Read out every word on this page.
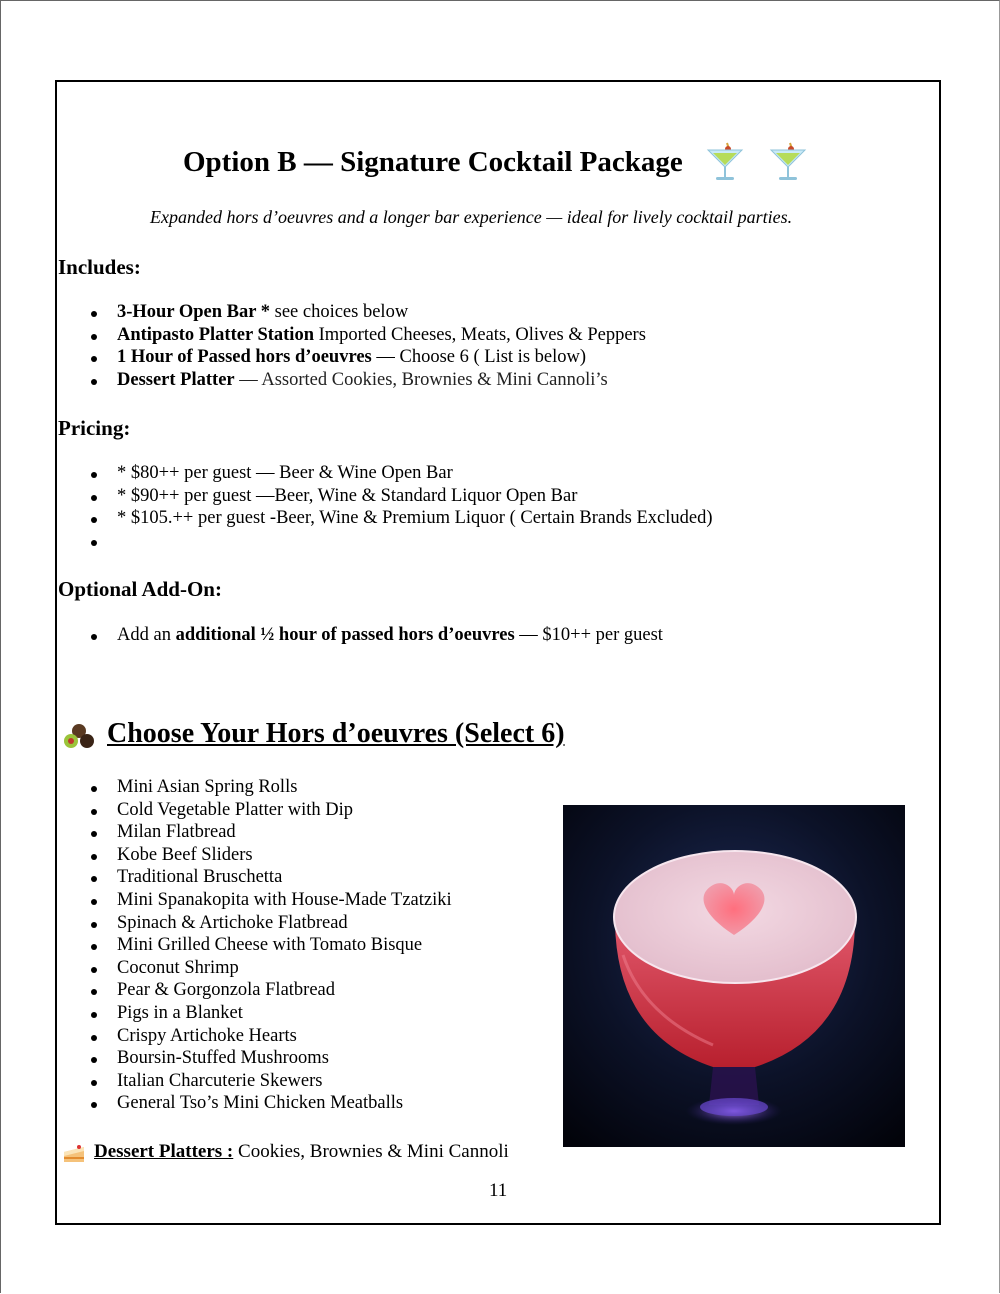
Option B — Signature Cocktail Package
Expanded hors d’oeuvres and a longer bar experience — ideal for lively cocktail parties.
Includes:
3-Hour Open Bar * see choices below
Antipasto Platter Station Imported Cheeses, Meats, Olives & Peppers
1 Hour of Passed hors d’oeuvres — Choose 6 ( List is below)
Dessert Platter — Assorted Cookies, Brownies & Mini Cannoli’s
Pricing:
* $80++ per guest — Beer & Wine Open Bar
* $90++ per guest —Beer, Wine & Standard Liquor Open Bar
* $105.++ per guest -Beer, Wine & Premium Liquor ( Certain Brands Excluded)
Optional Add-On:
Add an additional ½ hour of passed hors d’oeuvres — $10++ per guest
Choose Your Hors d’oeuvres (Select 6)
Mini Asian Spring Rolls
Cold Vegetable Platter with Dip
Milan Flatbread
Kobe Beef Sliders
Traditional Bruschetta
Mini Spanakopita with House-Made Tzatziki
Spinach & Artichoke Flatbread
Mini Grilled Cheese with Tomato Bisque
Coconut Shrimp
Pear & Gorgonzola Flatbread
Pigs in a Blanket
Crispy Artichoke Hearts
Boursin-Stuffed Mushrooms
Italian Charcuterie Skewers
General Tso’s Mini Chicken Meatballs
Dessert Platters : Cookies, Brownies & Mini Cannoli
11
